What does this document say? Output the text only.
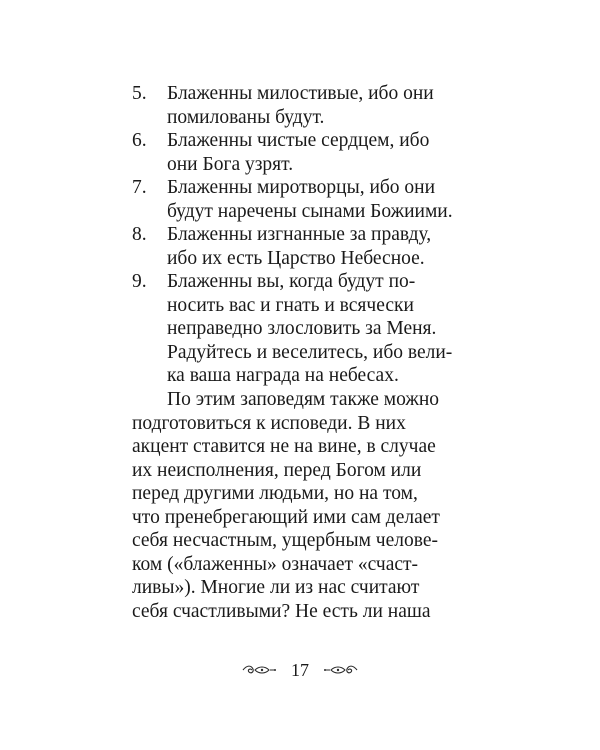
5. Блаженны милостивые, ибо они
помилованы будут.
6. Блаженны чистые сердцем, ибо
они Бога узрят.
7. Блаженны миротворцы, ибо они
будут наречены сынами Божиими.
8. Блаженны изгнанные за правду,
ибо их есть Царство Небесное.
9. Блаженны вы, когда будут по-
носить вас и гнать и всячески
неправедно злословить за Меня.
Радуйтесь и веселитесь, ибо вели-
ка ваша награда на небесах.
По этим заповедям также можно
подготовиться к исповеди. В них
акцент ставится не на вине, в случае
их неисполнения, перед Богом или
перед другими людьми, но на том,
что пренебрегающий ими сам делает
себя несчастным, ущербным челове-
ком («блаженны» означает «счаст-
ливы»). Многие ли из нас считают
себя счастливыми? Не есть ли наша
17
